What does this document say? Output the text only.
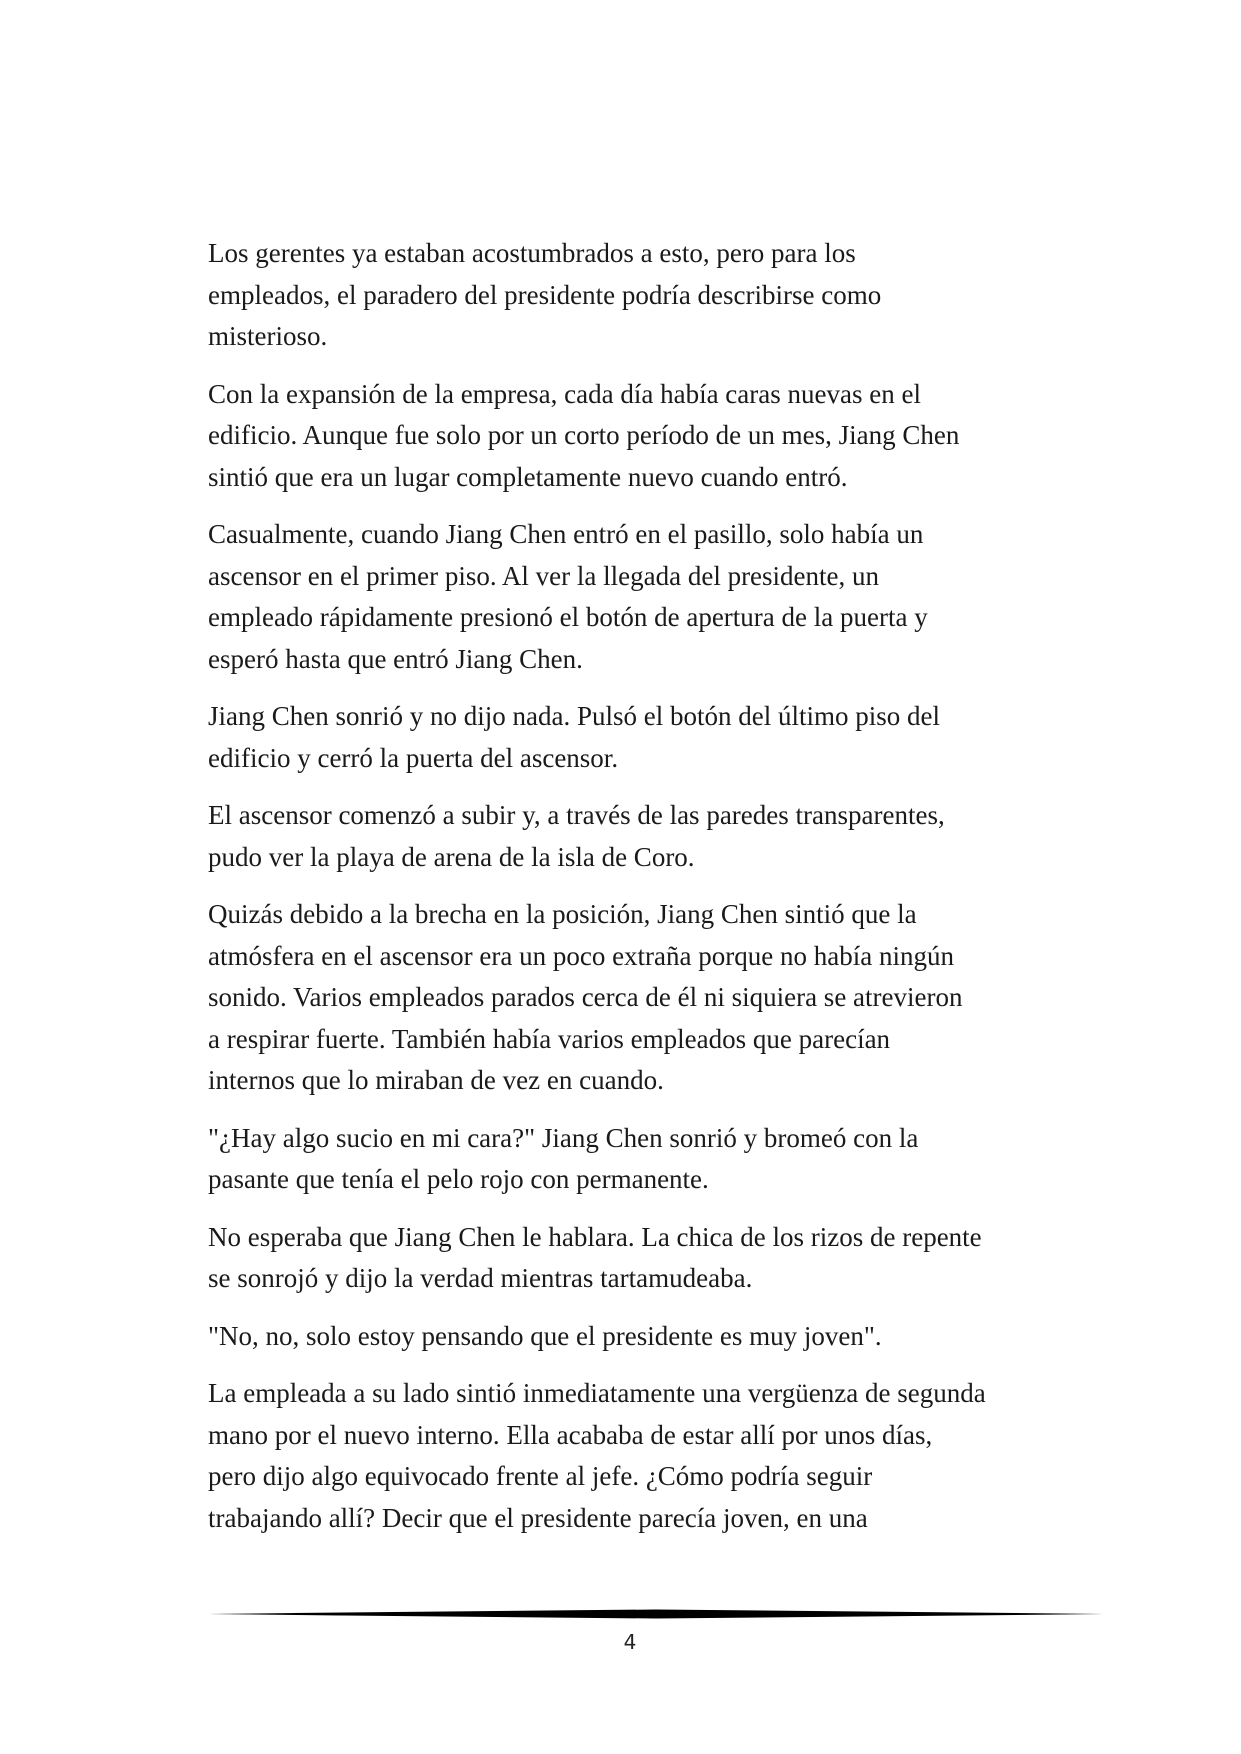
Los gerentes ya estaban acostumbrados a esto, pero para los
empleados, el paradero del presidente podría describirse como
misterioso.

Con la expansión de la empresa, cada día había caras nuevas en el
edificio. Aunque fue solo por un corto período de un mes, Jiang Chen
sintió que era un lugar completamente nuevo cuando entró.

Casualmente, cuando Jiang Chen entró en el pasillo, solo había un
ascensor en el primer piso. Al ver la llegada del presidente, un
empleado rápidamente presionó el botón de apertura de la puerta y
esperó hasta que entró Jiang Chen.

Jiang Chen sonrió y no dijo nada. Pulsó el botón del último piso del
edificio y cerró la puerta del ascensor.

El ascensor comenzó a subir y, a través de las paredes transparentes,
pudo ver la playa de arena de la isla de Coro.

Quizás debido a la brecha en la posición, Jiang Chen sintió que la
atmósfera en el ascensor era un poco extraña porque no había ningún
sonido. Varios empleados parados cerca de él ni siquiera se atrevieron
a respirar fuerte. También había varios empleados que parecían
internos que lo miraban de vez en cuando.

"¿Hay algo sucio en mi cara?" Jiang Chen sonrió y bromeó con la
pasante que tenía el pelo rojo con permanente.

No esperaba que Jiang Chen le hablara. La chica de los rizos de repente
se sonrojó y dijo la verdad mientras tartamudeaba.

"No, no, solo estoy pensando que el presidente es muy joven".

La empleada a su lado sintió inmediatamente una vergüenza de segunda
mano por el nuevo interno. Ella acababa de estar allí por unos días,
pero dijo algo equivocado frente al jefe. ¿Cómo podría seguir
trabajando allí? Decir que el presidente parecía joven, en una

4
